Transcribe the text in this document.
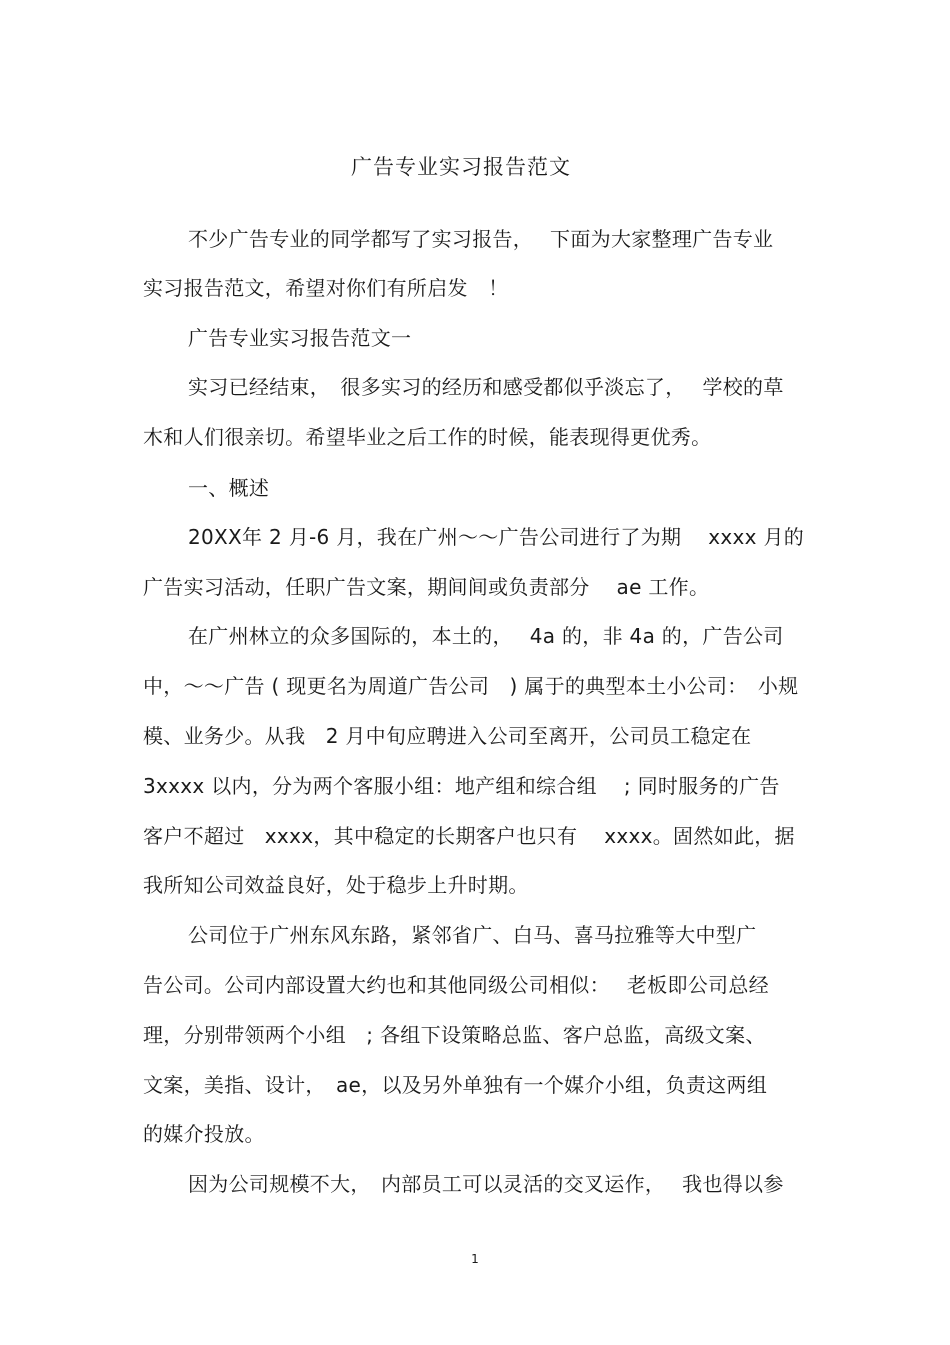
广告专业实习报告范文
不少广告专业的同学都写了实习报告，　 下面为大家整理广告专业
实习报告范文，希望对你们有所启发　！
广告专业实习报告范文一
实习已经结束，　很多实习的经历和感受都似乎淡忘了，　 学校的草
木和人们很亲切。希望毕业之后工作的时候，能表现得更优秀。
一、概述
20XX年 2 月-6 月，我在广州～～广告公司进行了为期　 xxxx 月的
广告实习活动，任职广告文案，期间间或负责部分　 ae 工作。
在广州林立的众多国际的，本土的，　 4a 的，非 4a 的，广告公司
中，～～广告 ( 现更名为周道广告公司　) 属于的典型本土小公司：　小规
模、业务少。从我　2 月中旬应聘进入公司至离开，公司员工稳定在
3xxxx 以内，分为两个客服小组：地产组和综合组　 ; 同时服务的广告
客户不超过　xxxx，其中稳定的长期客户也只有　 xxxx。固然如此，据
我所知公司效益良好，处于稳步上升时期。
公司位于广州东风东路，紧邻省广、白马、喜马拉雅等大中型广
告公司。公司内部设置大约也和其他同级公司相似：　 老板即公司总经
理，分别带领两个小组　; 各组下设策略总监、客户总监，高级文案、
文案，美指、设计，　ae，以及另外单独有一个媒介小组，负责这两组
的媒介投放。
因为公司规模不大，　内部员工可以灵活的交叉运作，　 我也得以参
1
